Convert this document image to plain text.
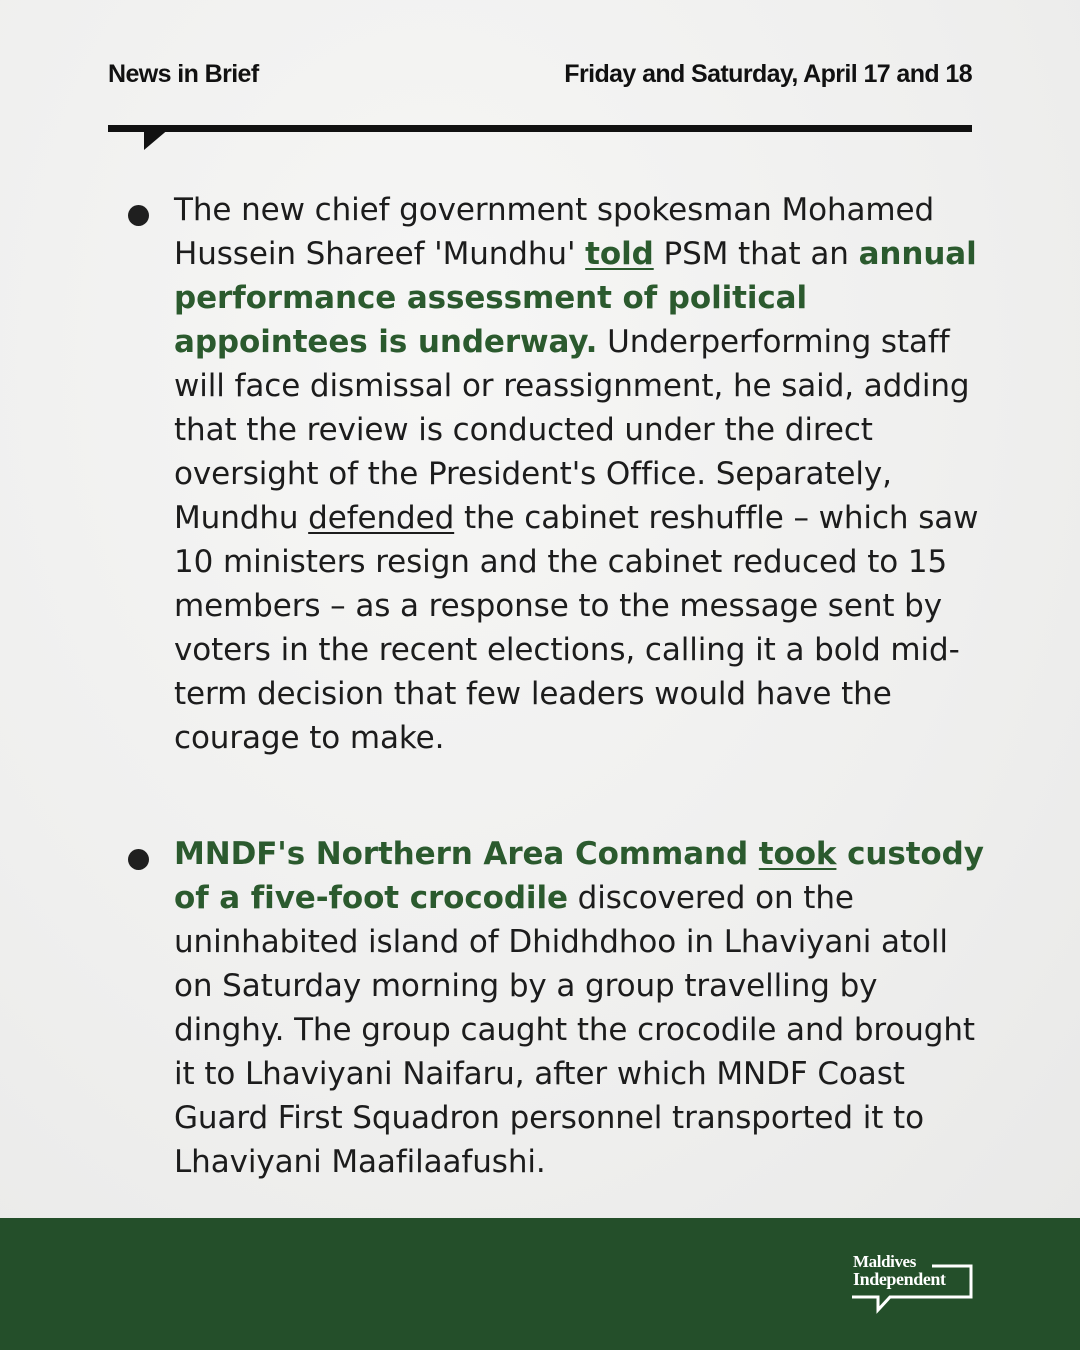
News in Brief	Friday and Saturday, April 17 and 18
The new chief government spokesman Mohamed Hussein Shareef 'Mundhu' told PSM that an annual performance assessment of political appointees is underway. Underperforming staff will face dismissal or reassignment, he said, adding that the review is conducted under the direct oversight of the President's Office. Separately, Mundhu defended the cabinet reshuffle – which saw 10 ministers resign and the cabinet reduced to 15 members – as a response to the message sent by voters in the recent elections, calling it a bold mid-term decision that few leaders would have the courage to make.
MNDF's Northern Area Command took custody of a five-foot crocodile discovered on the uninhabited island of Dhidhdhoo in Lhaviyani atoll on Saturday morning by a group travelling by dinghy. The group caught the crocodile and brought it to Lhaviyani Naifaru, after which MNDF Coast Guard First Squadron personnel transported it to Lhaviyani Maafilaafushi.
Maldives
Independent
